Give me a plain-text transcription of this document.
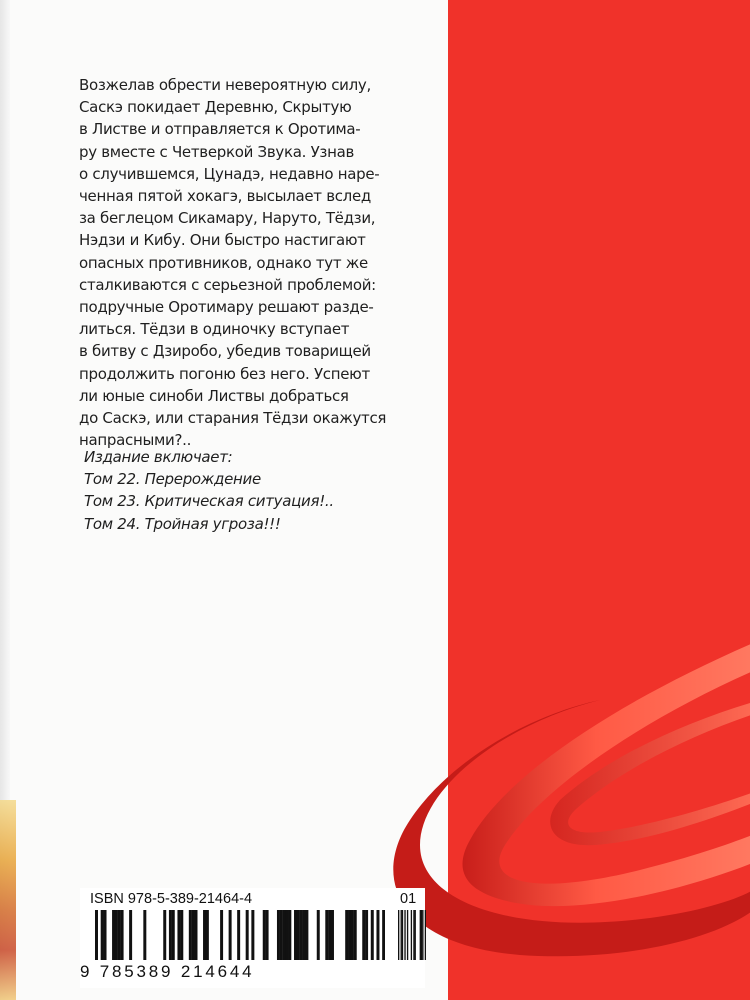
Возжелав обрести невероятную силу,
Саскэ покидает Деревню, Скрытую
в Листве и отправляется к Оротима-
ру вместе с Четверкой Звука. Узнав
о случившемся, Цунадэ, недавно наре-
ченная пятой хокагэ, высылает вслед
за беглецом Сикамару, Наруто, Тёдзи,
Нэдзи и Кибу. Они быстро настигают
опасных противников, однако тут же
сталкиваются с серьезной проблемой:
подручные Оротимару решают разде-
литься. Тёдзи в одиночку вступает
в битву с Дзиробо, убедив товарищей
продолжить погоню без него. Успеют
ли юные синоби Листвы добраться
до Саскэ, или старания Тёдзи окажутся
напрасными?..

Издание включает:
Том 22. Перерождение
Том 23. Критическая ситуация!..
Том 24. Тройная угроза!!!

ISBN 978-5-389-21464-4	01
9 785389 214644
